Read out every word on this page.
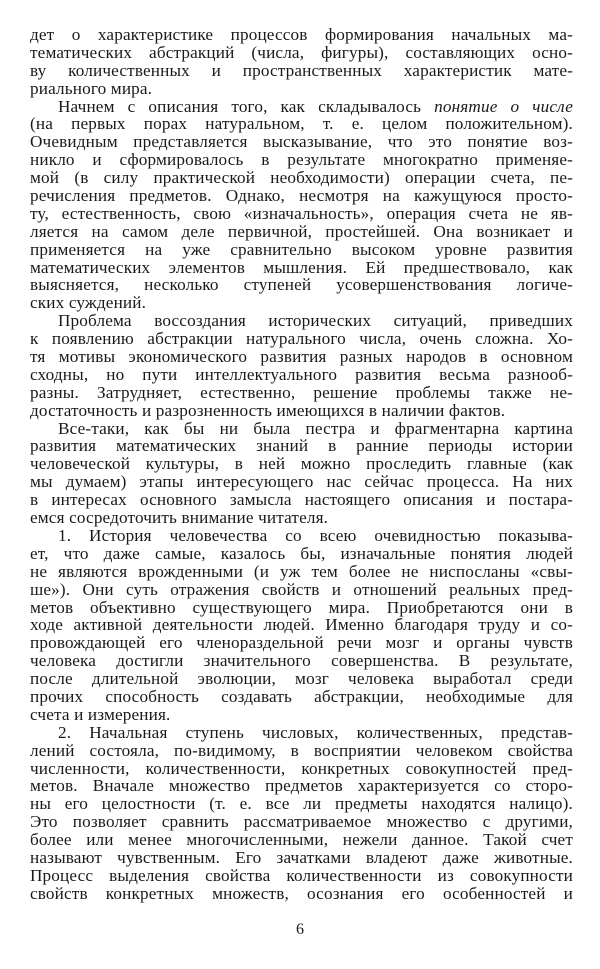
дет о характеристике процессов формирования начальных ма-
тематических абстракций (числа, фигуры), составляющих осно-
ву количественных и пространственных характеристик мате-
риального мира.
Начнем с описания того, как складывалось понятие о числе
(на первых порах натуральном, т. е. целом положительном).
Очевидным представляется высказывание, что это понятие воз-
никло и сформировалось в результате многократно применяе-
мой (в силу практической необходимости) операции счета, пе-
речисления предметов. Однако, несмотря на кажущуюся просто-
ту, естественность, свою «изначальность», операция счета не яв-
ляется на самом деле первичной, простейшей. Она возникает и
применяется на уже сравнительно высоком уровне развития
математических элементов мышления. Ей предшествовало, как
выясняется, несколько ступеней усовершенствования логиче-
ских суждений.
Проблема воссоздания исторических ситуаций, приведших
к появлению абстракции натурального числа, очень сложна. Хо-
тя мотивы экономического развития разных народов в основном
сходны, но пути интеллектуального развития весьма разнооб-
разны. Затрудняет, естественно, решение проблемы также не-
достаточность и разрозненность имеющихся в наличии фактов.
Все-таки, как бы ни была пестра и фрагментарна картина
развития математических знаний в ранние периоды истории
человеческой культуры, в ней можно проследить главные (как
мы думаем) этапы интересующего нас сейчас процесса. На них
в интересах основного замысла настоящего описания и постара-
емся сосредоточить внимание читателя.
1. История человечества со всею очевидностью показыва-
ет, что даже самые, казалось бы, изначальные понятия людей
не являются врожденными (и уж тем более не ниспосланы «свы-
ше»). Они суть отражения свойств и отношений реальных пред-
метов объективно существующего мира. Приобретаются они в
ходе активной деятельности людей. Именно благодаря труду и со-
провождающей его членораздельной речи мозг и органы чувств
человека достигли значительного совершенства. В результате,
после длительной эволюции, мозг человека выработал среди
прочих способность создавать абстракции, необходимые для
счета и измерения.
2. Начальная ступень числовых, количественных, представ-
лений состояла, по-видимому, в восприятии человеком свойства
численности, количественности, конкретных совокупностей пред-
метов. Вначале множество предметов характеризуется со сторо-
ны его целостности (т. е. все ли предметы находятся налицо).
Это позволяет сравнить рассматриваемое множество с другими,
более или менее многочисленными, нежели данное. Такой счет
называют чувственным. Его зачатками владеют даже животные.
Процесс выделения свойства количественности из совокупности
свойств конкретных множеств, осознания его особенностей и
6
